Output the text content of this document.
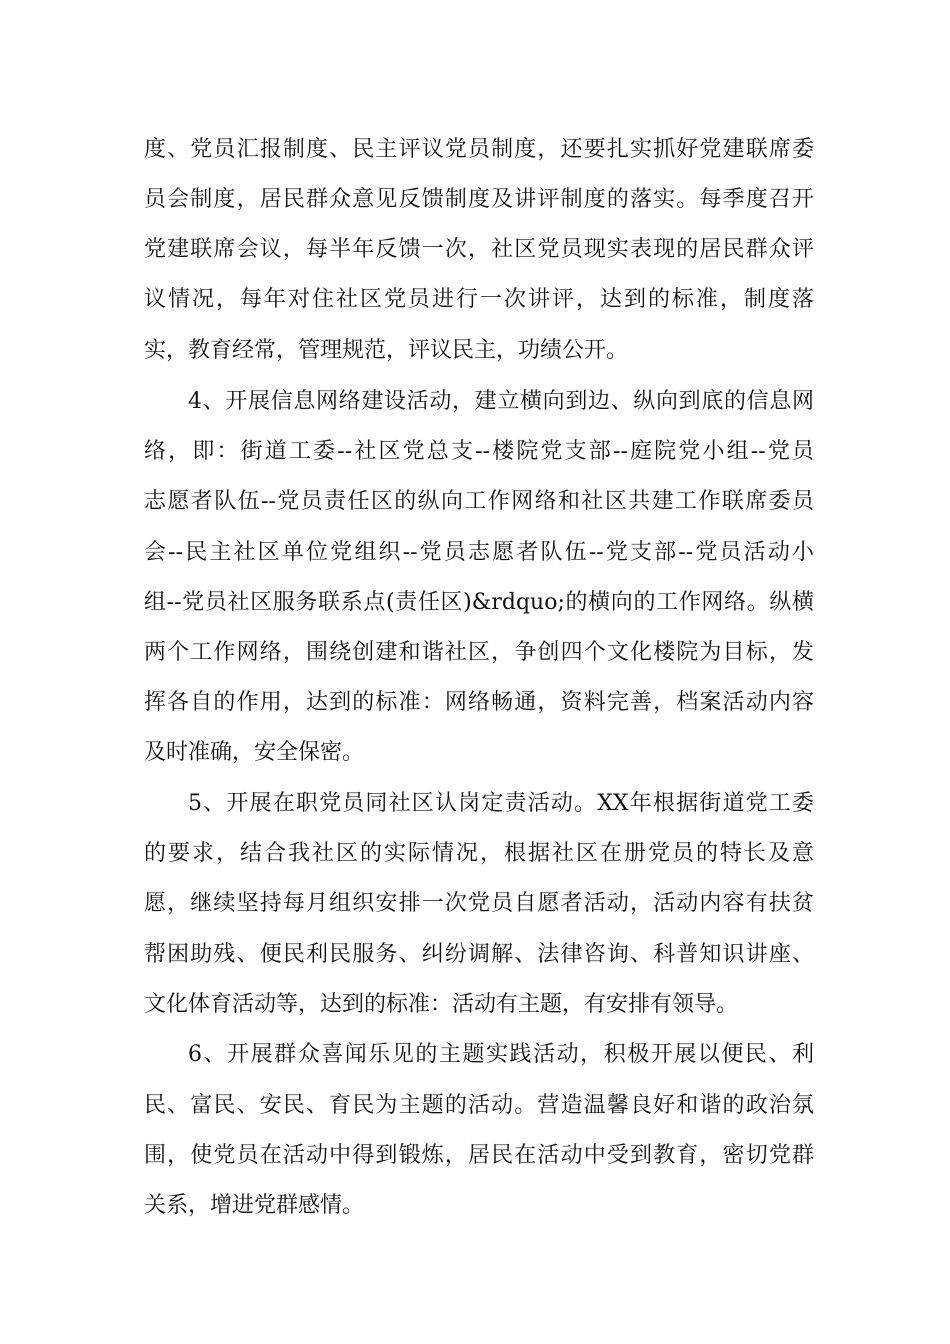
度、党员汇报制度、民主评议党员制度，还要扎实抓好党建联席委
员会制度，居民群众意见反馈制度及讲评制度的落实。每季度召开
党建联席会议，每半年反馈一次，社区党员现实表现的居民群众评
议情况，每年对住社区党员进行一次讲评，达到的标准，制度落
实，教育经常，管理规范，评议民主，功绩公开。
4、开展信息网络建设活动，建立横向到边、纵向到底的信息网
络，即：街道工委--社区党总支--楼院党支部--庭院党小组--党员
志愿者队伍--党员责任区的纵向工作网络和社区共建工作联席委员
会--民主社区单位党组织--党员志愿者队伍--党支部--党员活动小
组--党员社区服务联系点(责任区)&rdquo;的横向的工作网络。纵横
两个工作网络，围绕创建和谐社区，争创四个文化楼院为目标，发
挥各自的作用，达到的标准：网络畅通，资料完善，档案活动内容
及时准确，安全保密。
5、开展在职党员同社区认岗定责活动。XX年根据街道党工委
的要求，结合我社区的实际情况，根据社区在册党员的特长及意
愿，继续坚持每月组织安排一次党员自愿者活动，活动内容有扶贫
帮困助残、便民利民服务、纠纷调解、法律咨询、科普知识讲座、
文化体育活动等，达到的标准：活动有主题，有安排有领导。
6、开展群众喜闻乐见的主题实践活动，积极开展以便民、利
民、富民、安民、育民为主题的活动。营造温馨良好和谐的政治氛
围，使党员在活动中得到锻炼，居民在活动中受到教育，密切党群
关系，增进党群感情。
